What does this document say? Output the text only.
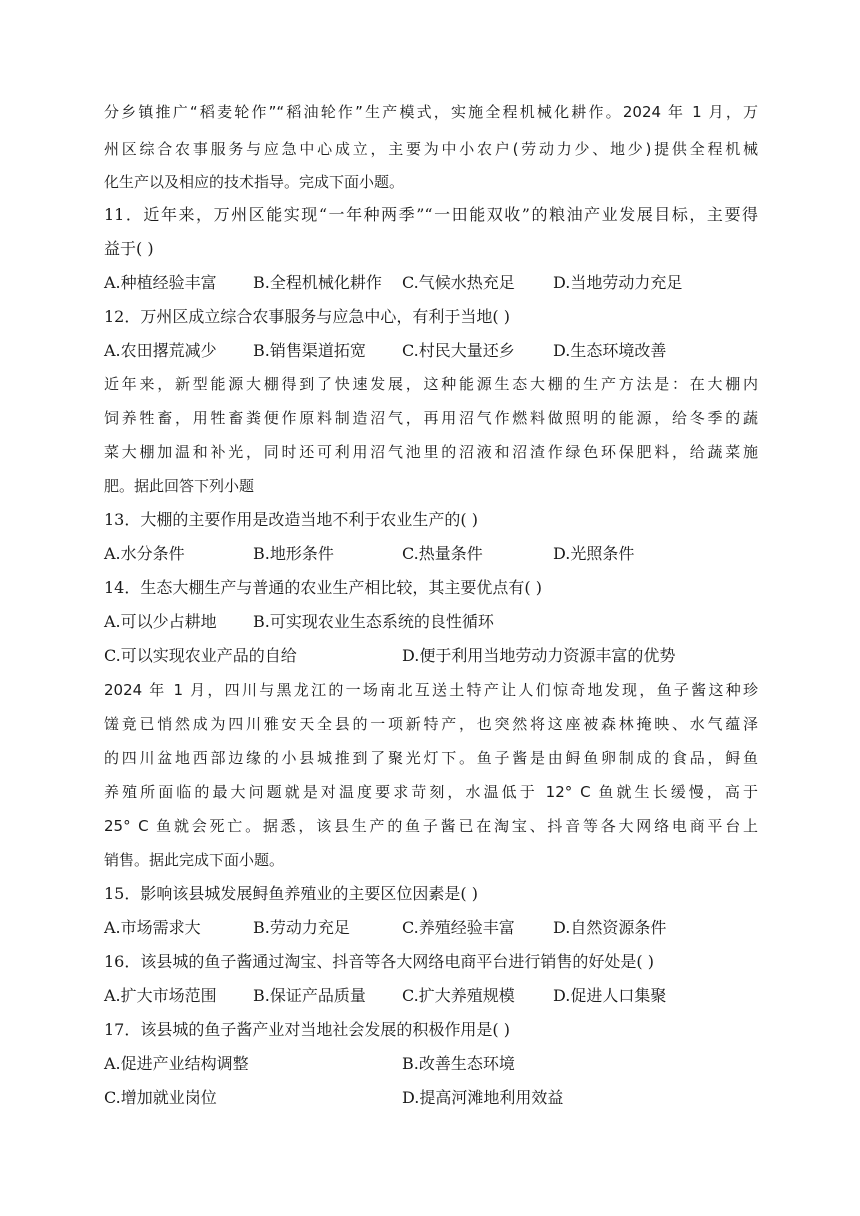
分乡镇推广“稻麦轮作”“稻油轮作”生产模式，实施全程机械化耕作。2024 年 1 月，万
州区综合农事服务与应急中心成立，主要为中小农户(劳动力少、地少)提供全程机械
化生产以及相应的技术指导。完成下面小题。
11．近年来，万州区能实现“一年种两季”“一田能双收”的粮油产业发展目标，主要得
益于( )
A.种植经验丰富 B.全程机械化耕作 C.气候水热充足 D.当地劳动力充足
12．万州区成立综合农事服务与应急中心，有利于当地( )
A.农田撂荒减少 B.销售渠道拓宽 C.村民大量还乡 D.生态环境改善
近年来，新型能源大棚得到了快速发展，这种能源生态大棚的生产方法是：在大棚内
饲养牲畜，用牲畜粪便作原料制造沼气，再用沼气作燃料做照明的能源，给冬季的蔬
菜大棚加温和补光，同时还可利用沼气池里的沼液和沼渣作绿色环保肥料，给蔬菜施
肥。据此回答下列小题
13．大棚的主要作用是改造当地不利于农业生产的( )
A.水分条件	B.地形条件	C.热量条件	D.光照条件
14．生态大棚生产与普通的农业生产相比较，其主要优点有( )
A.可以少占耕地 B.可实现农业生态系统的良性循环
C.可以实现农业产品的自给	D.便于利用当地劳动力资源丰富的优势
2024 年 1 月，四川与黑龙江的一场南北互送土特产让人们惊奇地发现，鱼子酱这种珍
馐竟已悄然成为四川雅安天全县的一项新特产，也突然将这座被森林掩映、水气蕴泽
的四川盆地西部边缘的小县城推到了聚光灯下。鱼子酱是由鲟鱼卵制成的食品，鲟鱼
养殖所面临的最大问题就是对温度要求苛刻，水温低于 12° C 鱼就生长缓慢，高于
25° C 鱼就会死亡。据悉，该县生产的鱼子酱已在淘宝、抖音等各大网络电商平台上
销售。据此完成下面小题。
15．影响该县城发展鲟鱼养殖业的主要区位因素是( )
A.市场需求大	B.劳动力充足	C.养殖经验丰富 D.自然资源条件
16．该县城的鱼子酱通过淘宝、抖音等各大网络电商平台进行销售的好处是( )
A.扩大市场范围 B.保证产品质量 C.扩大养殖规模 D.促进人口集聚
17．该县城的鱼子酱产业对当地社会发展的积极作用是( )
A.促进产业结构调整	B.改善生态环境
C.增加就业岗位	D.提高河滩地利用效益
